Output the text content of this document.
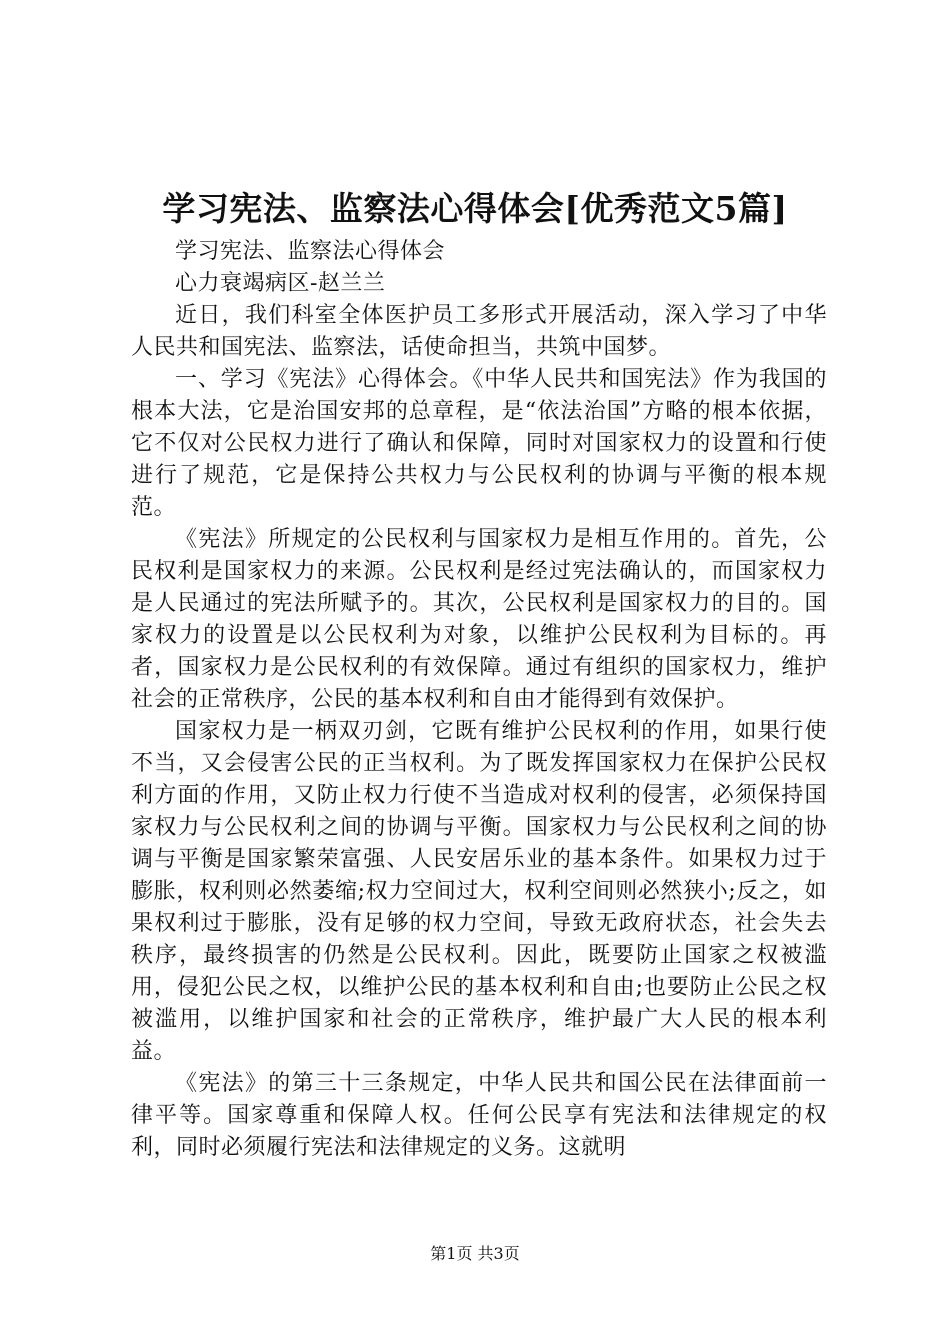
学习宪法、监察法心得体会[优秀范文5篇]

学习宪法、监察法心得体会

心力衰竭病区-赵兰兰

近日，我们科室全体医护员工多形式开展活动，深入学习了中华人民共和国宪法、监察法，话使命担当，共筑中国梦。

一、学习《宪法》心得体会。《中华人民共和国宪法》作为我国的根本大法，它是治国安邦的总章程，是“依法治国”方略的根本依据，它不仅对公民权力进行了确认和保障，同时对国家权力的设置和行使进行了规范，它是保持公共权力与公民权利的协调与平衡的根本规范。

《宪法》所规定的公民权利与国家权力是相互作用的。首先，公民权利是国家权力的来源。公民权利是经过宪法确认的，而国家权力是人民通过的宪法所赋予的。其次，公民权利是国家权力的目的。国家权力的设置是以公民权利为对象，以维护公民权利为目标的。再者，国家权力是公民权利的有效保障。通过有组织的国家权力，维护社会的正常秩序，公民的基本权利和自由才能得到有效保护。

国家权力是一柄双刃剑，它既有维护公民权利的作用，如果行使不当，又会侵害公民的正当权利。为了既发挥国家权力在保护公民权利方面的作用，又防止权力行使不当造成对权利的侵害，必须保持国家权力与公民权利之间的协调与平衡。国家权力与公民权利之间的协调与平衡是国家繁荣富强、人民安居乐业的基本条件。如果权力过于膨胀，权利则必然萎缩;权力空间过大，权利空间则必然狭小;反之，如果权利过于膨胀，没有足够的权力空间，导致无政府状态，社会失去秩序，最终损害的仍然是公民权利。因此，既要防止国家之权被滥用，侵犯公民之权，以维护公民的基本权利和自由;也要防止公民之权被滥用，以维护国家和社会的正常秩序，维护最广大人民的根本利益。

《宪法》的第三十三条规定，中华人民共和国公民在法律面前一律平等。国家尊重和保障人权。任何公民享有宪法和法律规定的权利，同时必须履行宪法和法律规定的义务。这就明

第1页 共3页
